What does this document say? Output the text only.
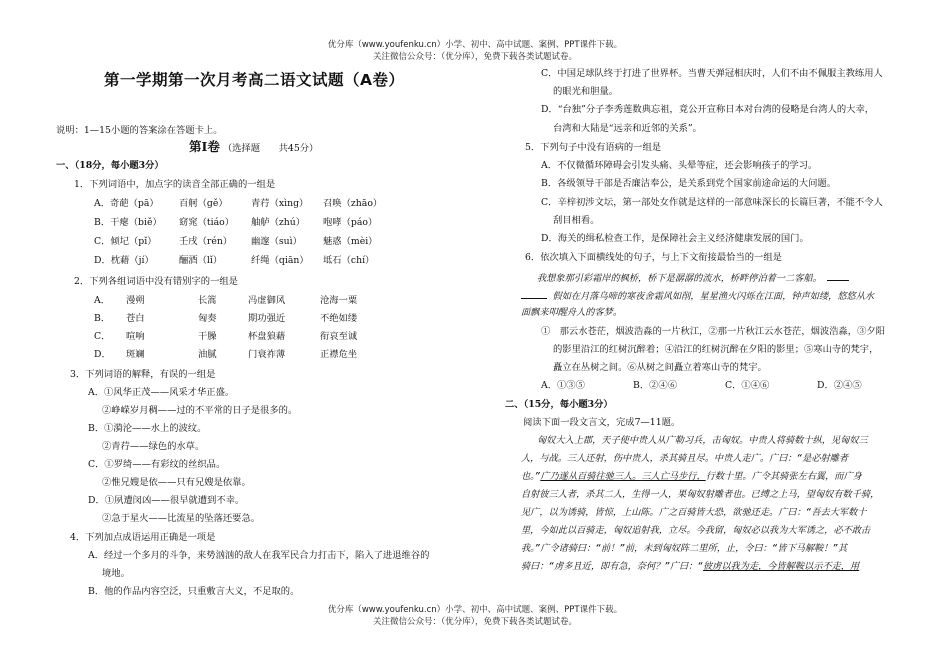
优分库（www.youfenku.cn）小学、初中、高中试题、案例、PPT课件下载。
关注微信公众号：（优分库），免费下载各类试题试卷。
第一学期第一次月考高二语文试题（A卷）
说明：1—15小题的答案涂在答题卡上。
第Ⅰ卷 （选择题　　共45分）
一、（18分，每小题3分）
1．下列词语中，加点字的读音全部正确的一组是
A．奇葩（pā） 百舸（gě）	青荇（xìng） 召唤（zhāo）
B．干瘪（biě） 窈窕（tiáo） 舳舻（zhú） 咆哮（páo）
C．倾圮（pǐ） 壬戌（rén） 幽邃（suì） 魅惑（mèi）
D．枕藉（jí）	酾酒（lǐ）	纤绳（qiān） 坻石（chí）
2．下列各组词语中没有错别字的一组是
A． 漫朔	长篙	冯虚御风	沧海一粟
B． 苍白	匈奏	期功强近	不绝如缕
C． 喧响	干臊	杯盘狼藉	衔哀至诚
D． 斑斓	油腻	门衰祚薄	正襟危坐
3．下列词语的解释，有误的一组是
A．①风华正茂——风采才华正盛。
②峥嵘岁月稠——过的不平常的日子是很多的。
B．①漪沦——水上的波纹。
②青荇——绿色的水草。
C．①罗绮——有彩纹的丝织品。
②惟兄嫂是依——只有兄嫂是依靠。
D．①夙遭闵凶——很早就遭到不幸。
②急于星火——比流星的坠落还要急。
4．下列加点成语运用正确是一项是
A．经过一个多月的斗争，来势汹汹的敌人在我军民合力打击下，陷入了进退维谷的
境地。
B．他的作品内容空泛，只重敷言大义，不足取的。
C．中国足球队终于打进了世界杯。当曹天弹冠相庆时，人们不由不佩服主教练用人
的眼光和胆量。
D．“台独”分子李秀莲数典忘祖，竟公开宣称日本对台湾的侵略是台湾人的大幸，
台湾和大陆是“远亲和近邻的关系”。
5．下列句子中没有语病的一组是
A．不仅微循环障碍会引发头痛、头晕等症，还会影响孩子的学习。
B．各级领导干部是否廉洁奉公，是关系到党个国家前途命运的大问题。
C．辛梓初涉文坛，第一部处女作就是这样的一部意味深长的长篇巨著，不能不令人
刮目相看。
D．海关的缉私检查工作，是保障社会主义经济健康发展的国门。
6．依次填入下面横线处的句子，与上下文衔接最恰当的一组是
我想象那引彩霜岸的枫桥，桥下是潺潺的流水，桥畔停泊着一二客船。
假如在月落乌啼的寒夜舍霜风如削，星星渔火闪烁在江面，钟声如缕，悠悠从水
面飘来叩醒舟人的客梦。
①　那云水苍茫，烟波浩淼的一片秋江，②那一片秋江云水苍茫，烟波浩淼，③夕阳
的影里沿江的红树沉醉着；④沿江的红树沉醉在夕阳的影里；⑤寒山寺的梵宇，
矗立在丛树之间。⑥从树之间矗立着寒山寺的梵宇。
A．①③⑤	B．②④⑥	C．①④⑥	D．②④⑤
二、（15分，每小题3分）
阅读下面一段文言文，完成7—11题。
匈奴大入上郡，天子使中贵人从广勒习兵，击匈奴。中贵人将骑数十纵，见匈奴三
人，与战。三人还射，伤中贵人，杀其骑且尽。中贵人走广。广曰：“是必射雕者
也。”广乃遂从百骑往驰三人。三人亡马步行，行数十里。广令其骑张左右翼，而广身
自射彼三人者，杀其二人，生得一人，果匈奴射雕者也。已缚之上马，望匈奴有数千骑，
见广，以为诱骑，皆惊，上山陈。广之百骑皆大恐，欲驰还走。广曰：“吾去大军数十
里，今如此以百骑走，匈奴追射我，立尽。今我留，匈奴必以我为大军诱之，必不敢击
我。”广令诸骑曰：“前！”前，未到匈奴阵二里所，止，令曰：“皆下马解鞍！”其
骑曰：“虏多且近，即有急，奈何？”广曰：“彼虏以我为走，今皆解鞍以示不走，用
优分库（www.youfenku.cn）小学、初中、高中试题、案例、PPT课件下载。
关注微信公众号：（优分库），免费下载各类试题试卷。
